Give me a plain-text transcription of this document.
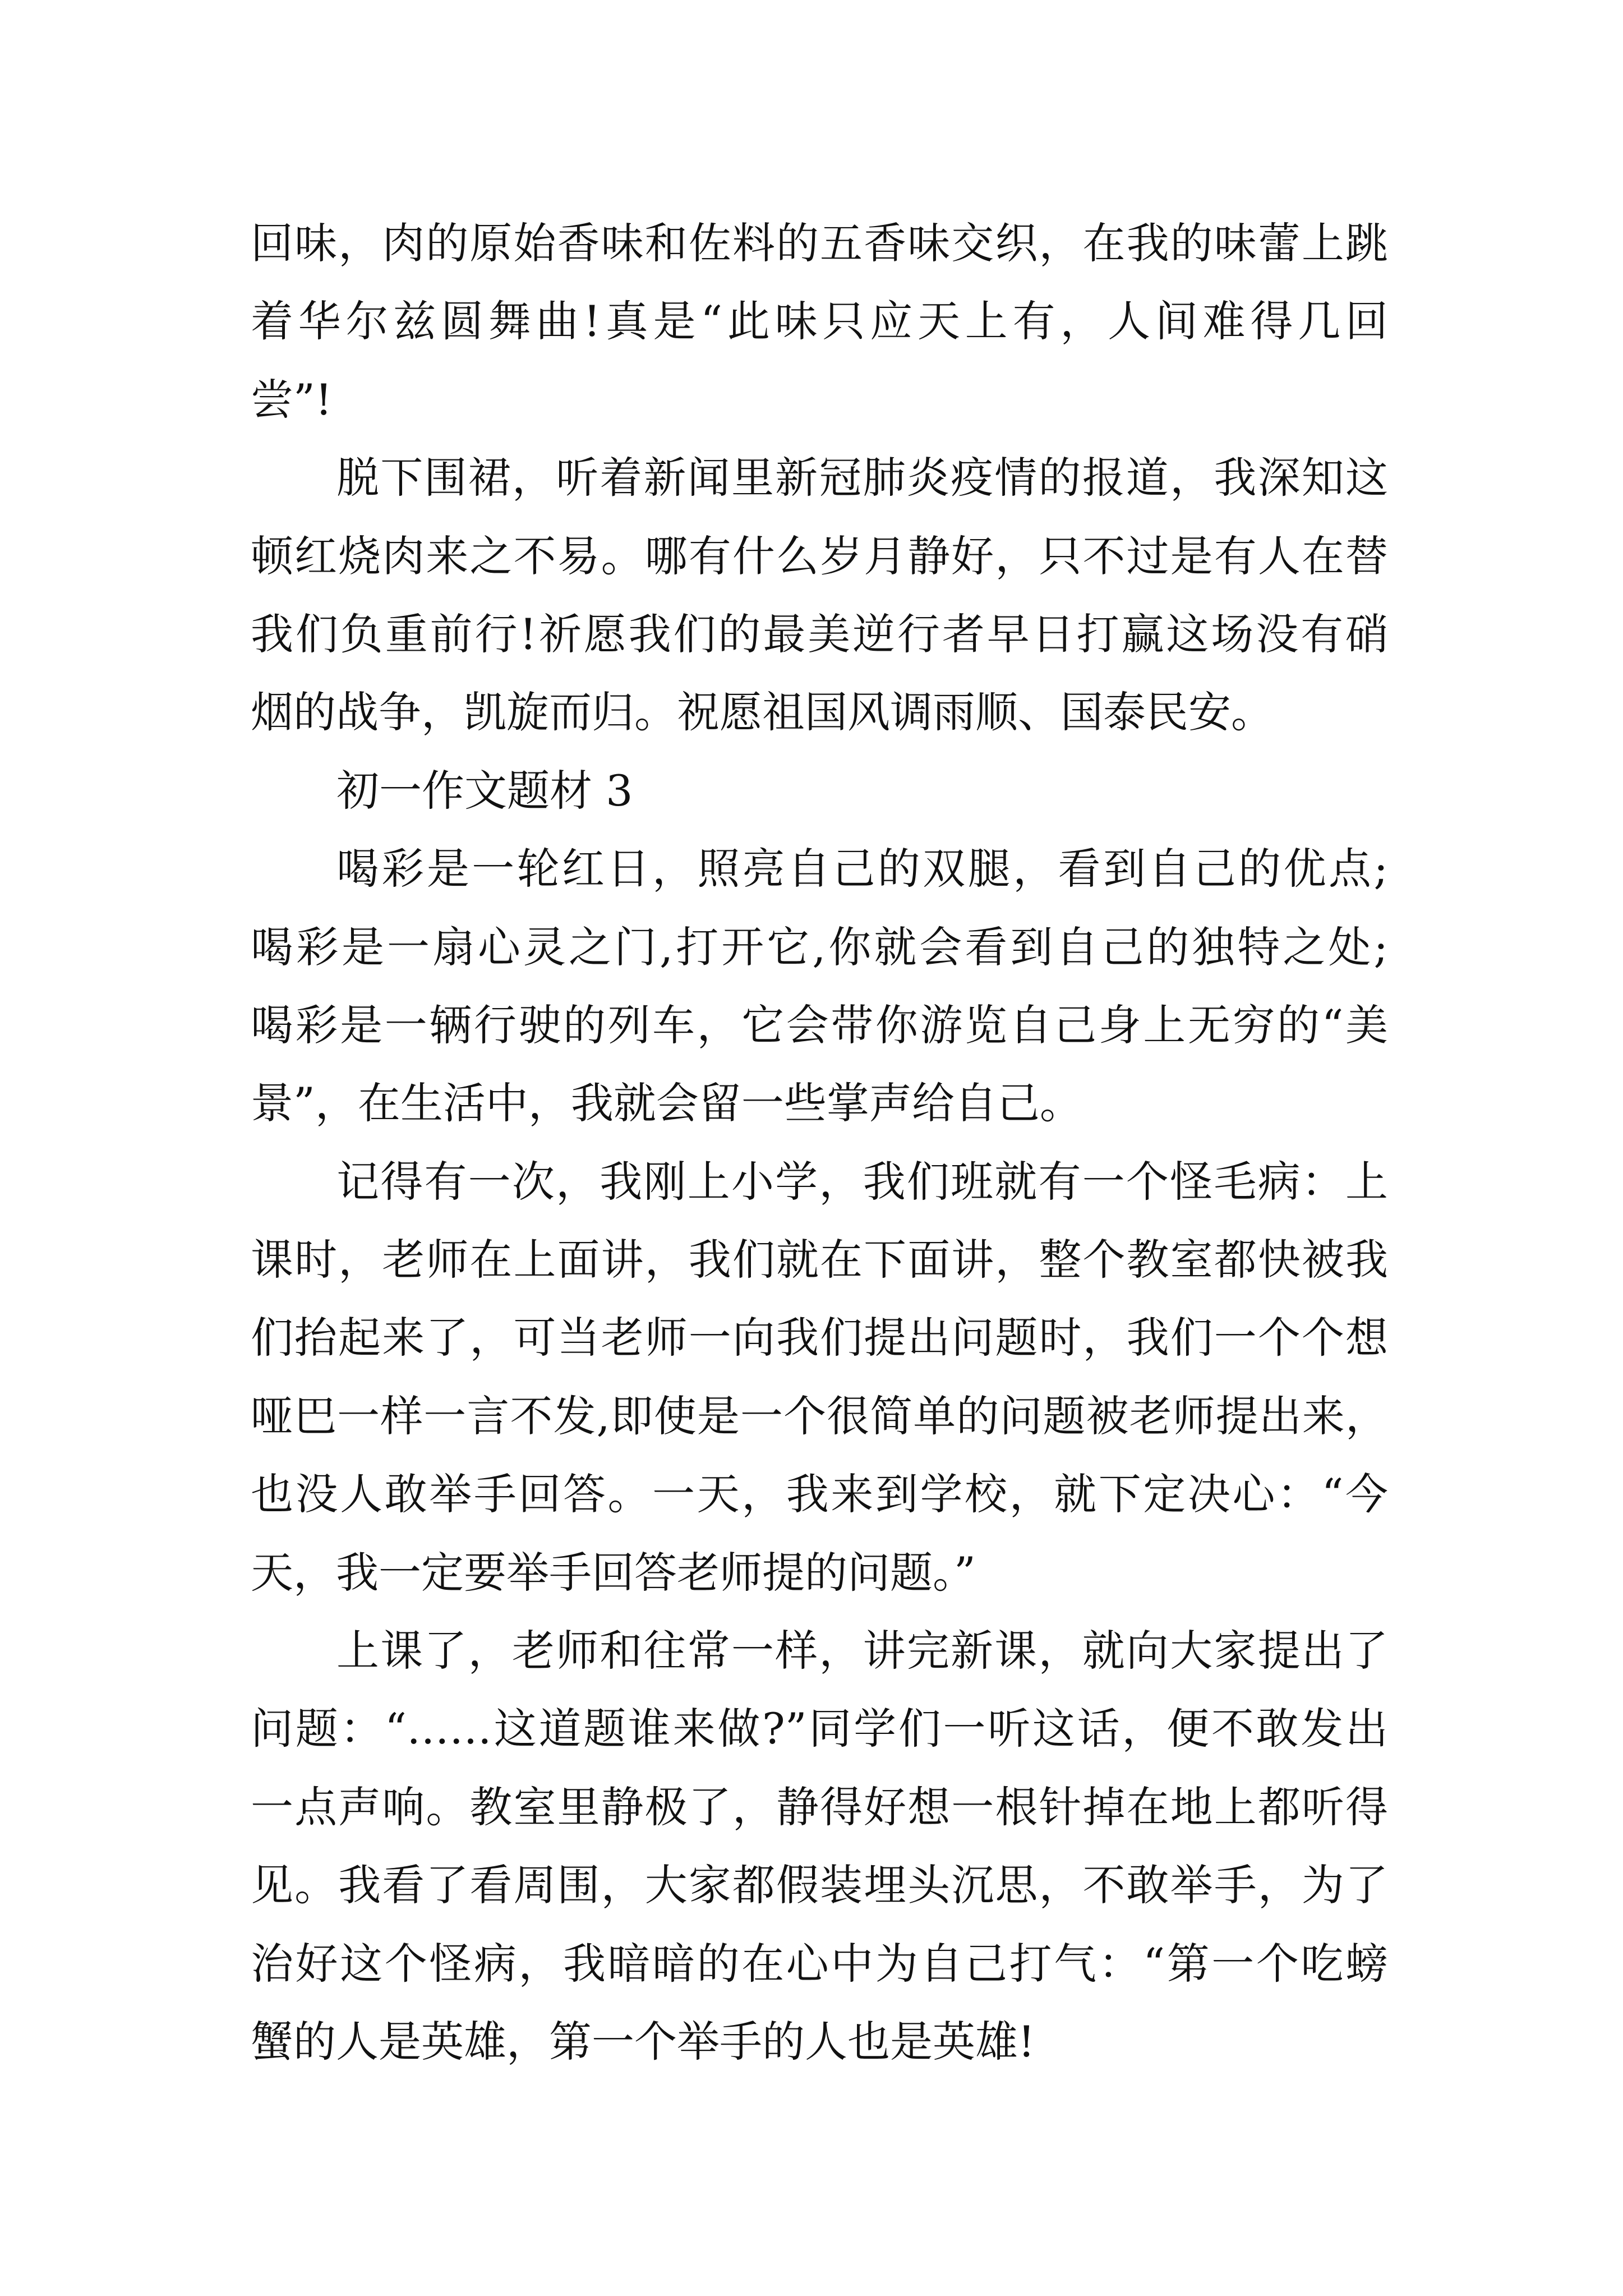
回味，肉的原始香味和佐料的五香味交织，在我的味蕾上跳
着华尔兹圆舞曲!真是“此味只应天上有，人间难得几回
尝”!
脱下围裙，听着新闻里新冠肺炎疫情的报道，我深知这
顿红烧肉来之不易。哪有什么岁月静好，只不过是有人在替
我们负重前行!祈愿我们的最美逆行者早日打赢这场没有硝
烟的战争，凯旋而归。祝愿祖国风调雨顺、国泰民安。
初一作文题材 3
喝彩是一轮红日，照亮自己的双腿，看到自己的优点;
喝彩是一扇心灵之门,打开它,你就会看到自己的独特之处;
喝彩是一辆行驶的列车，它会带你游览自己身上无穷的“美
景”，在生活中，我就会留一些掌声给自己。
记得有一次，我刚上小学，我们班就有一个怪毛病：上
课时，老师在上面讲，我们就在下面讲，整个教室都快被我
们抬起来了，可当老师一向我们提出问题时，我们一个个想
哑巴一样一言不发,即使是一个很简单的问题被老师提出来，
也没人敢举手回答。一天，我来到学校，就下定决心：“今
天，我一定要举手回答老师提的问题。”
上课了，老师和往常一样，讲完新课，就向大家提出了
问题：“……这道题谁来做?”同学们一听这话，便不敢发出
一点声响。教室里静极了，静得好想一根针掉在地上都听得
见。我看了看周围，大家都假装埋头沉思，不敢举手，为了
治好这个怪病，我暗暗的在心中为自己打气：“第一个吃螃
蟹的人是英雄，第一个举手的人也是英雄!
